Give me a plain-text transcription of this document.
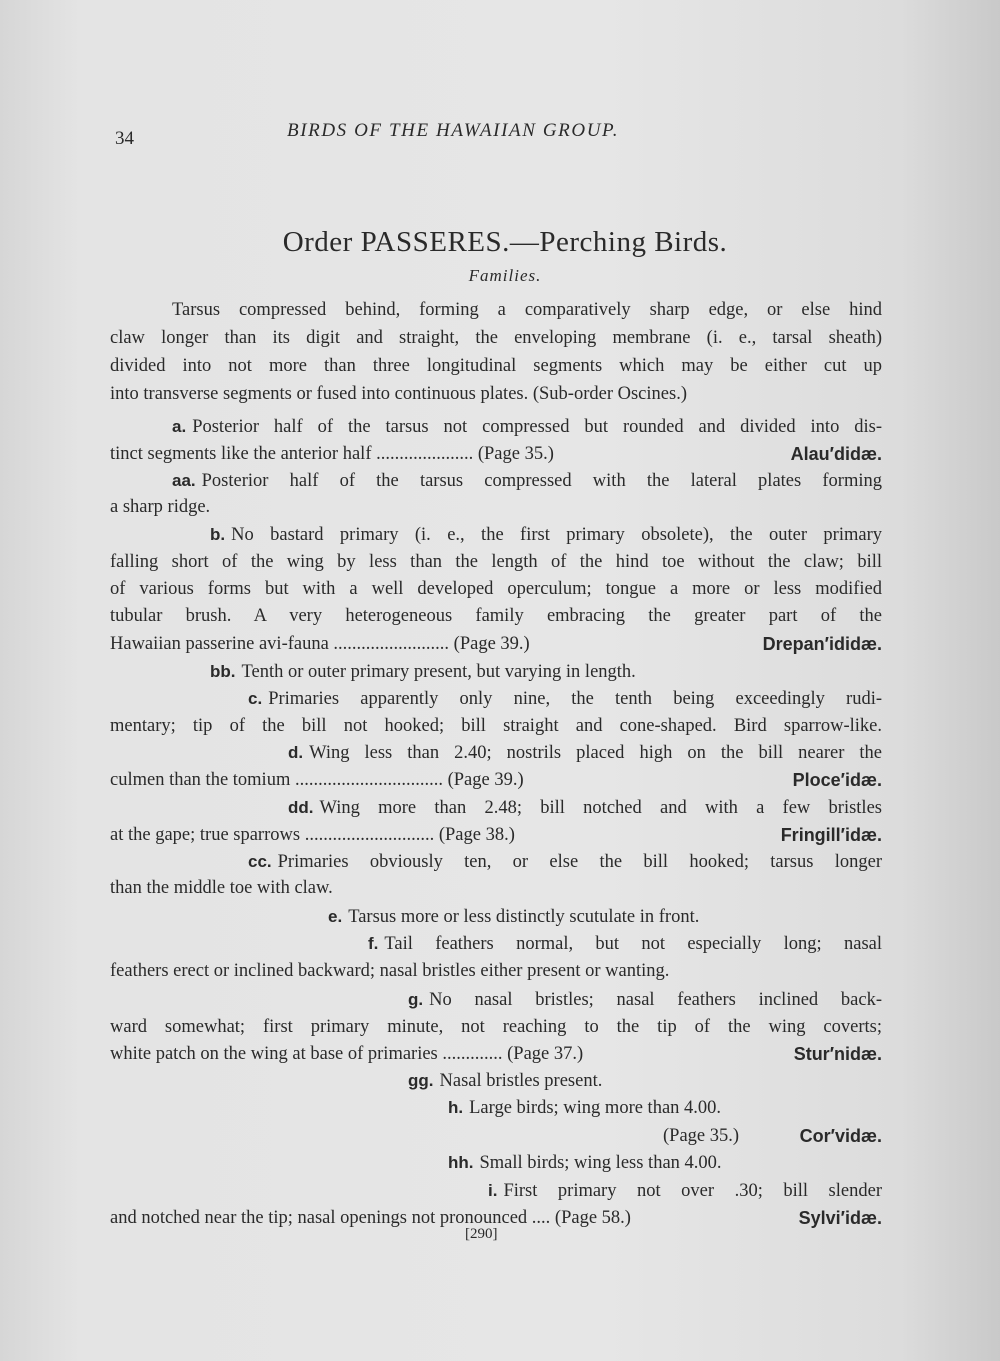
34	BIRDS OF THE HAWAIIAN GROUP.
Order PASSERES.—Perching Birds.
Families.
Tarsus compressed behind, forming a comparatively sharp edge, or else hind
claw longer than its digit and straight, the enveloping membrane (i. e., tarsal sheath)
divided into not more than three longitudinal segments which may be either cut up
into transverse segments or fused into continuous plates. (Sub-order Oscines.)
a. Posterior half of the tarsus not compressed but rounded and divided into dis-
tinct segments like the anterior half ..................... (Page 35.)	Alau′didæ.
aa. Posterior half of the tarsus compressed with the lateral plates forming
a sharp ridge.
b. No bastard primary (i. e., the first primary obsolete), the outer primary
falling short of the wing by less than the length of the hind toe without the claw; bill
of various forms but with a well developed operculum; tongue a more or less modified
tubular brush. A very heterogeneous family embracing the greater part of the
Hawaiian passerine avi-fauna ......................... (Page 39.)	Drepan′ididæ.
bb. Tenth or outer primary present, but varying in length.
c. Primaries apparently only nine, the tenth being exceedingly rudi-
mentary; tip of the bill not hooked; bill straight and cone-shaped. Bird sparrow-like.
d. Wing less than 2.40; nostrils placed high on the bill nearer the
culmen than the tomium ................................ (Page 39.)	Ploce′idæ.
dd. Wing more than 2.48; bill notched and with a few bristles
at the gape; true sparrows ............................ (Page 38.)	Fringill′idæ.
cc. Primaries obviously ten, or else the bill hooked; tarsus longer
than the middle toe with claw.
e. Tarsus more or less distinctly scutulate in front.
f. Tail feathers normal, but not especially long; nasal
feathers erect or inclined backward; nasal bristles either present or wanting.
g. No nasal bristles; nasal feathers inclined back-
ward somewhat; first primary minute, not reaching to the tip of the wing coverts;
white patch on the wing at base of primaries ............. (Page 37.)	Stur′nidæ.
gg. Nasal bristles present.
h. Large birds; wing more than 4.00.
(Page 35.)	Cor′vidæ.
hh. Small birds; wing less than 4.00.
i. First primary not over .30; bill slender
and notched near the tip; nasal openings not pronounced .... (Page 58.)	Sylvi′idæ.
[290]
